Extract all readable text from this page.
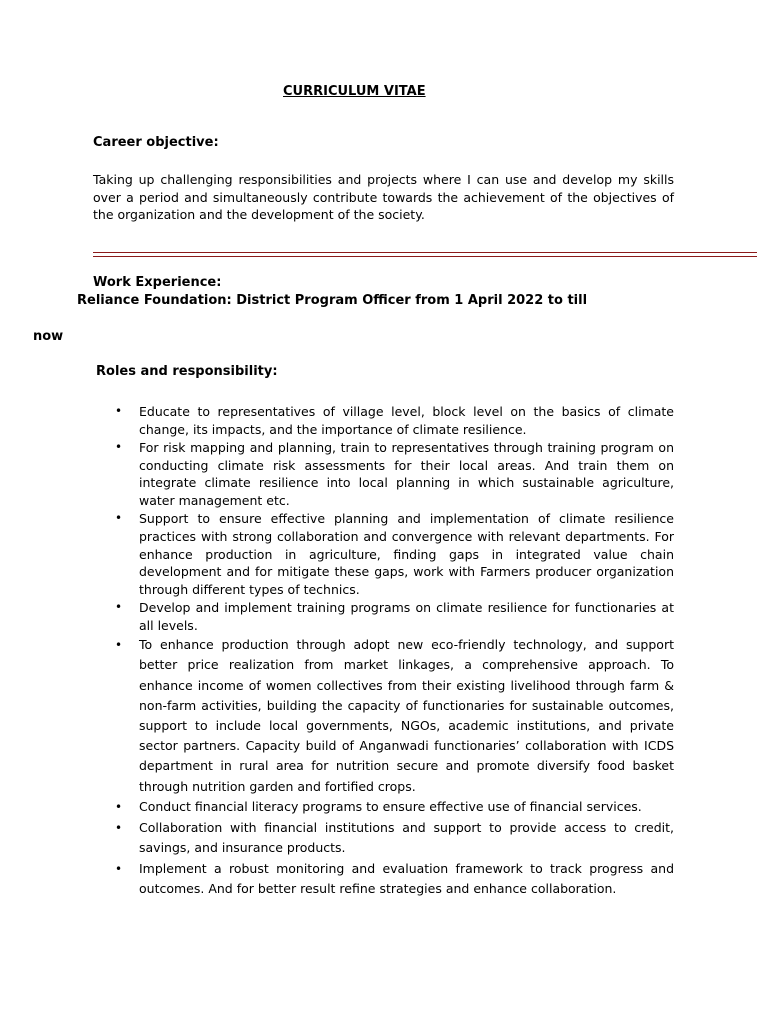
CURRICULUM VITAE
Career objective:
Taking up challenging responsibilities and projects where I can use and develop my skills over a period and simultaneously contribute towards the achievement of the objectives of the organization and the development of the society.
Work Experience:
Reliance Foundation: District Program Officer from 1 April 2022 to till
now
Roles and responsibility:
• Educate to representatives of village level, block level on the basics of climate change, its impacts, and the importance of climate resilience.
• For risk mapping and planning, train to representatives through training program on conducting climate risk assessments for their local areas. And train them on integrate climate resilience into local planning in which sustainable agriculture, water management etc.
• Support to ensure effective planning and implementation of climate resilience practices with strong collaboration and convergence with relevant departments. For enhance production in agriculture, finding gaps in integrated value chain development and for mitigate these gaps, work with Farmers producer organization through different types of technics.
• Develop and implement training programs on climate resilience for functionaries at all levels.
• To enhance production through adopt new eco-friendly technology, and support better price realization from market linkages, a comprehensive approach. To enhance income of women collectives from their existing livelihood through farm & non-farm activities, building the capacity of functionaries for sustainable outcomes, support to include local governments, NGOs, academic institutions, and private sector partners. Capacity build of Anganwadi functionaries’ collaboration with ICDS department in rural area for nutrition secure and promote diversify food basket through nutrition garden and fortified crops.
• Conduct financial literacy programs to ensure effective use of financial services.
• Collaboration with financial institutions and support to provide access to credit, savings, and insurance products.
• Implement a robust monitoring and evaluation framework to track progress and outcomes. And for better result refine strategies and enhance collaboration.
